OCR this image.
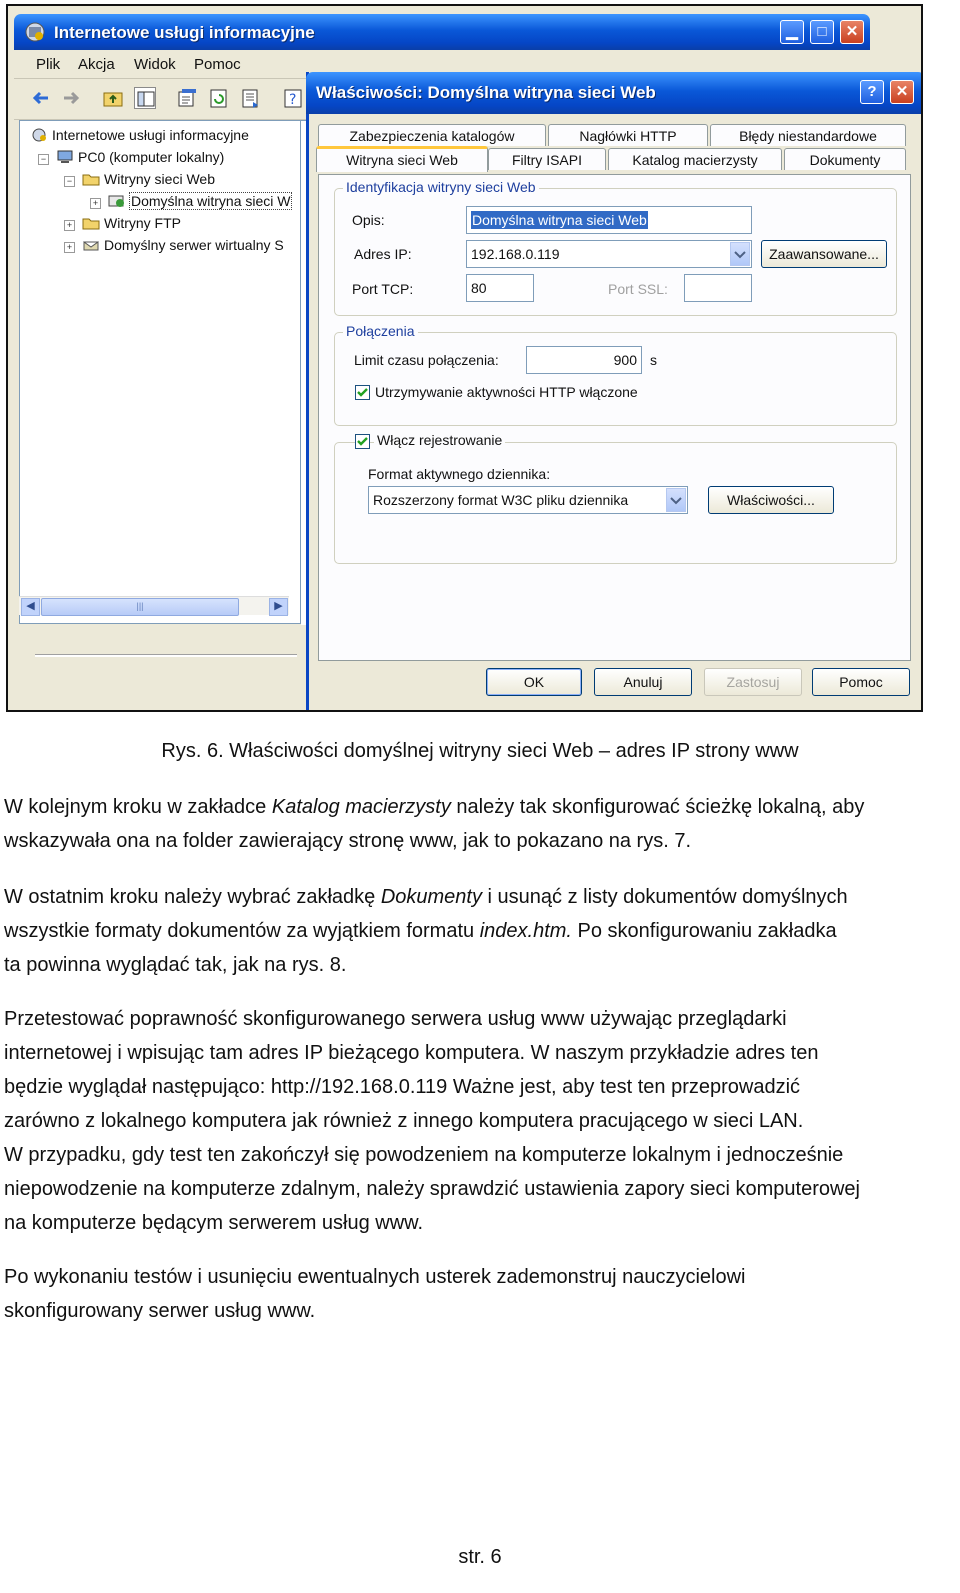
Internetowe usługi informacyjne	▁	□	✕
Plik Akcja Widok Pomoc
?
Internetowe usługi informacyjne
−	PC0 (komputer lokalny)
−	Witryny sieci Web
+	Domyślna witryna sieci W
+	Witryny FTP
+	Domyślny serwer wirtualny S
◀	|||	▶
Właściwości: Domyślna witryna sieci Web	?	✕
Zabezpieczenia katalogów	Nagłówki HTTP	Błędy niestandardowe
Witryna sieci Web	Filtry ISAPI	Katalog macierzysty	Dokumenty
Identyfikacja witryny sieci Web
Opis:	Domyślna witryna sieci Web
Adres IP:	192.168.0.119	Zaawansowane...
Port TCP:	80	Port SSL:
Połączenia
Limit czasu połączenia:	900 s
Utrzymywanie aktywności HTTP włączone
Włącz rejestrowanie
Format aktywnego dziennika:
Rozszerzony format W3C pliku dziennika	Właściwości...
OK	Anuluj	Zastosuj	Pomoc
Rys. 6. Właściwości domyślnej witryny sieci Web – adres IP strony www
W kolejnym kroku w zakładce Katalog macierzysty należy tak skonfigurować ścieżkę lokalną, aby
wskazywała ona na folder zawierający stronę www, jak to pokazano na rys. 7.
W ostatnim kroku należy wybrać zakładkę Dokumenty i usunąć z listy dokumentów domyślnych
wszystkie formaty dokumentów za wyjątkiem formatu index.htm. Po skonfigurowaniu zakładka
ta powinna wyglądać tak, jak na rys. 8.
Przetestować poprawność skonfigurowanego serwera usług www używając przeglądarki
internetowej i wpisując tam adres IP bieżącego komputera. W naszym przykładzie adres ten
będzie wyglądał następująco: http://192.168.0.119 Ważne jest, aby test ten przeprowadzić
zarówno z lokalnego komputera jak również z innego komputera pracującego w sieci LAN.
W przypadku, gdy test ten zakończył się powodzeniem na komputerze lokalnym i jednocześnie
niepowodzenie na komputerze zdalnym, należy sprawdzić ustawienia zapory sieci komputerowej
na komputerze będącym serwerem usług www.
Po wykonaniu testów i usunięciu ewentualnych usterek zademonstruj nauczycielowi
skonfigurowany serwer usług www.
str. 6
